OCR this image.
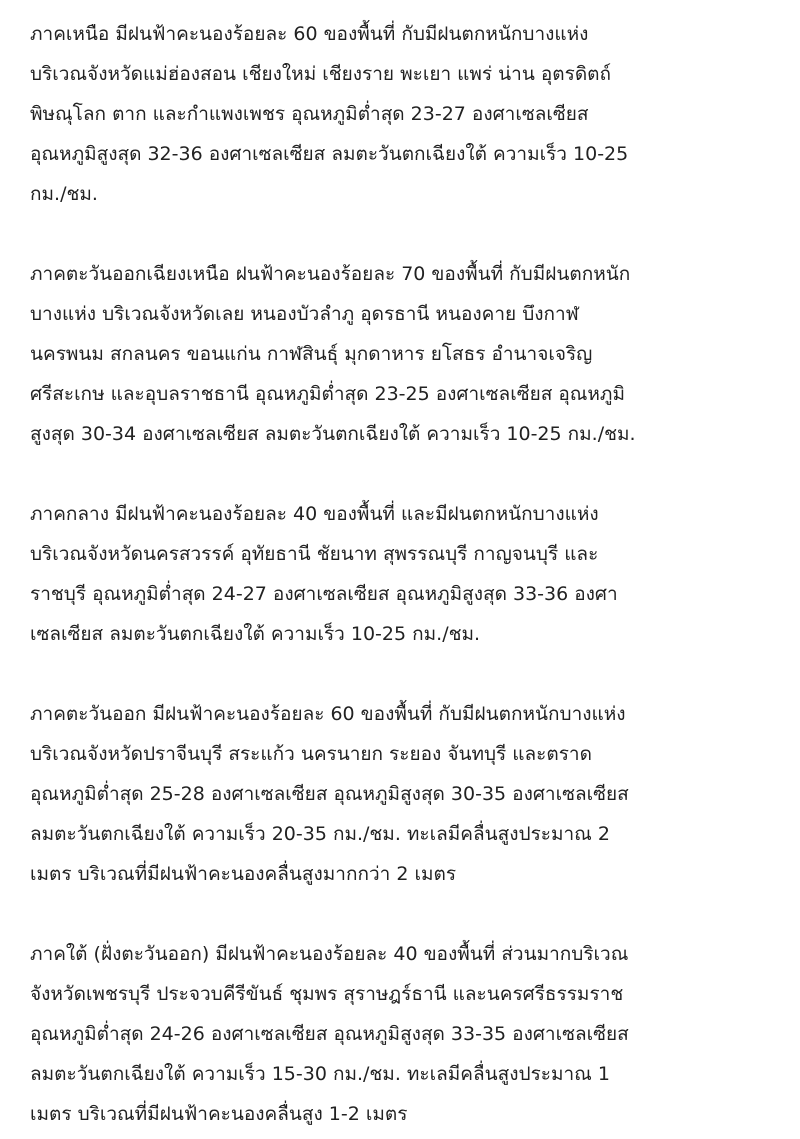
ภาคเหนือ มีฝนฟ้าคะนองร้อยละ 60 ของพื้นที่ กับมีฝนตกหนักบางแห่ง
บริเวณจังหวัดแม่ฮ่องสอน เชียงใหม่ เชียงราย พะเยา แพร่ น่าน อุตรดิตถ์
พิษณุโลก ตาก และกำแพงเพชร อุณหภูมิต่ำสุด 23-27 องศาเซลเซียส
อุณหภูมิสูงสุด 32-36 องศาเซลเซียส ลมตะวันตกเฉียงใต้ ความเร็ว 10-25
กม./ชม.

ภาคตะวันออกเฉียงเหนือ ฝนฟ้าคะนองร้อยละ 70 ของพื้นที่ กับมีฝนตกหนัก
บางแห่ง บริเวณจังหวัดเลย หนองบัวลำภู อุดรธานี หนองคาย บึงกาฬ
นครพนม สกลนคร ขอนแก่น กาฬสินธุ์ มุกดาหาร ยโสธร อำนาจเจริญ
ศรีสะเกษ และอุบลราชธานี อุณหภูมิต่ำสุด 23-25 องศาเซลเซียส อุณหภูมิ
สูงสุด 30-34 องศาเซลเซียส ลมตะวันตกเฉียงใต้ ความเร็ว 10-25 กม./ชม.

ภาคกลาง มีฝนฟ้าคะนองร้อยละ 40 ของพื้นที่ และมีฝนตกหนักบางแห่ง
บริเวณจังหวัดนครสวรรค์ อุทัยธานี ชัยนาท สุพรรณบุรี กาญจนบุรี และ
ราชบุรี อุณหภูมิต่ำสุด 24-27 องศาเซลเซียส อุณหภูมิสูงสุด 33-36 องศา
เซลเซียส ลมตะวันตกเฉียงใต้ ความเร็ว 10-25 กม./ชม.

ภาคตะวันออก มีฝนฟ้าคะนองร้อยละ 60 ของพื้นที่ กับมีฝนตกหนักบางแห่ง
บริเวณจังหวัดปราจีนบุรี สระแก้ว นครนายก ระยอง จันทบุรี และตราด
อุณหภูมิต่ำสุด 25-28 องศาเซลเซียส อุณหภูมิสูงสุด 30-35 องศาเซลเซียส
ลมตะวันตกเฉียงใต้ ความเร็ว 20-35 กม./ชม. ทะเลมีคลื่นสูงประมาณ 2
เมตร บริเวณที่มีฝนฟ้าคะนองคลื่นสูงมากกว่า 2 เมตร

ภาคใต้ (ฝั่งตะวันออก) มีฝนฟ้าคะนองร้อยละ 40 ของพื้นที่ ส่วนมากบริเวณ
จังหวัดเพชรบุรี ประจวบคีรีขันธ์ ชุมพร สุราษฎร์ธานี และนครศรีธรรมราช
อุณหภูมิต่ำสุด 24-26 องศาเซลเซียส อุณหภูมิสูงสุด 33-35 องศาเซลเซียส
ลมตะวันตกเฉียงใต้ ความเร็ว 15-30 กม./ชม. ทะเลมีคลื่นสูงประมาณ 1
เมตร บริเวณที่มีฝนฟ้าคะนองคลื่นสูง 1-2 เมตร
